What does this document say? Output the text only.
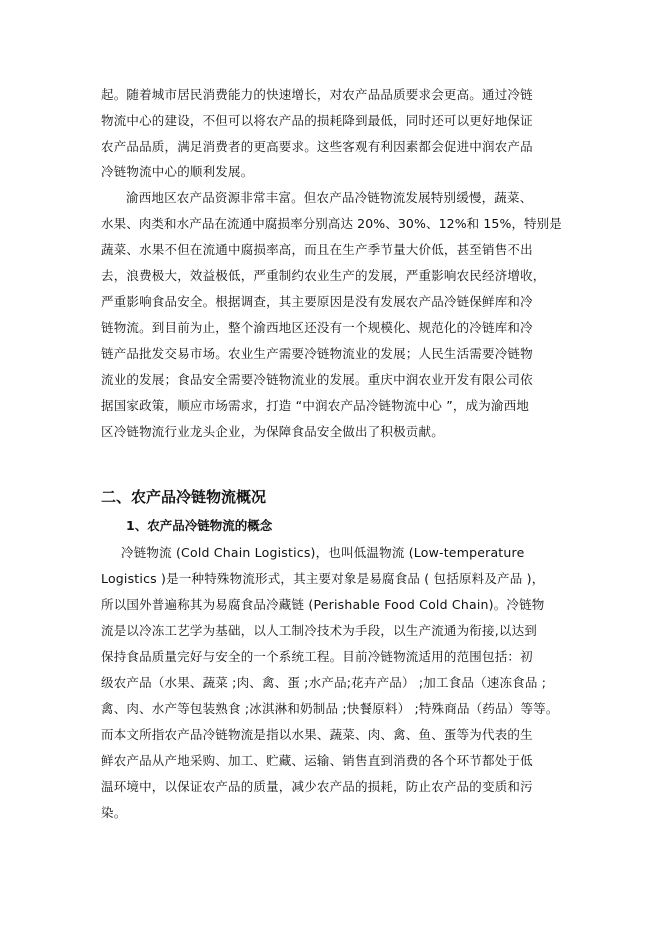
起。随着城市居民消费能力的快速增长，对农产品品质要求会更高。通过冷链
物流中心的建设，不但可以将农产品的损耗降到最低，同时还可以更好地保证
农产品品质，满足消费者的更高要求。这些客观有利因素都会促进中润农产品
冷链物流中心的顺利发展。
渝西地区农产品资源非常丰富。但农产品冷链物流发展特别缓慢，蔬菜、
水果、肉类和水产品在流通中腐损率分别高达 20%、30%、12%和 15%，特别是
蔬菜、水果不但在流通中腐损率高，而且在生产季节量大价低，甚至销售不出
去，浪费极大，效益极低，严重制约农业生产的发展，严重影响农民经济增收，
严重影响食品安全。根据调查，其主要原因是没有发展农产品冷链保鲜库和冷
链物流。到目前为止，整个渝西地区还没有一个规模化、规范化的冷链库和冷
链产品批发交易市场。农业生产需要冷链物流业的发展；人民生活需要冷链物
流业的发展；食品安全需要冷链物流业的发展。重庆中润农业开发有限公司依
据国家政策，顺应市场需求，打造 “中润农产品冷链物流中心 ”，成为渝西地
区冷链物流行业龙头企业，为保障食品安全做出了积极贡献。
二、农产品冷链物流概况
1、农产品冷链物流的概念
冷链物流 (Cold Chain Logistics)，也叫低温物流 (Low-temperature
Logistics )是一种特殊物流形式，其主要对象是易腐食品 ( 包括原料及产品 )，
所以国外普遍称其为易腐食品冷藏链 (Perishable Food Cold Chain)。冷链物
流是以冷冻工艺学为基础，以人工制冷技术为手段，以生产流通为衔接,以达到
保持食品质量完好与安全的一个系统工程。目前冷链物流适用的范围包括：初
级农产品（水果、蔬菜 ;肉、禽、蛋 ;水产品;花卉产品） ;加工食品（速冻食品 ;
禽、肉、水产等包装熟食 ;冰淇淋和奶制品 ;快餐原料） ;特殊商品（药品）等等。
而本文所指农产品冷链物流是指以水果、蔬菜、肉、禽、鱼、蛋等为代表的生
鲜农产品从产地采购、加工、贮藏、运输、销售直到消费的各个环节都处于低
温环境中，以保证农产品的质量，减少农产品的损耗，防止农产品的变质和污
染。
